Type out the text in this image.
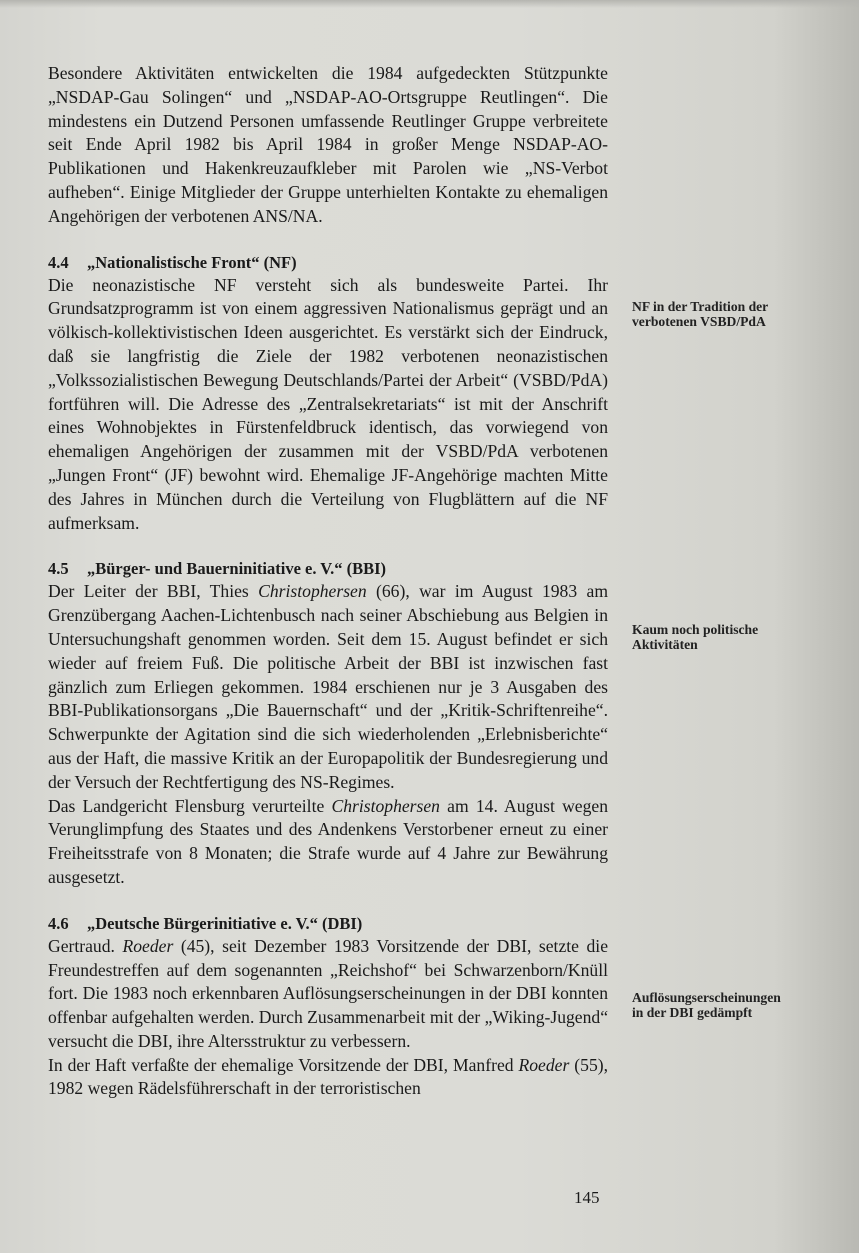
Besondere Aktivitäten entwickelten die 1984 aufgedeckten Stützpunkte „NSDAP-Gau Solingen“ und „NSDAP-AO-Ortsgruppe Reutlingen“. Die mindestens ein Dutzend Personen umfassende Reutlinger Gruppe verbreitete seit Ende April 1982 bis April 1984 in großer Menge NSDAP-AO-Publikationen und Hakenkreuzaufkleber mit Parolen wie „NS-Verbot aufheben“. Einige Mitglieder der Gruppe unterhielten Kontakte zu ehemaligen Angehörigen der verbotenen ANS/NA.

4.4 „Nationalistische Front“ (NF)

Die neonazistische NF versteht sich als bundesweite Partei. Ihr Grundsatzprogramm ist von einem aggressiven Nationalismus geprägt und an völkisch-kollektivistischen Ideen ausgerichtet. Es verstärkt sich der Eindruck, daß sie langfristig die Ziele der 1982 verbotenen neonazistischen „Volkssozialistischen Bewegung Deutschlands/Partei der Arbeit“ (VSBD/PdA) fortführen will. Die Adresse des „Zentralsekretariats“ ist mit der Anschrift eines Wohnobjektes in Fürstenfeldbruck identisch, das vorwiegend von ehemaligen Angehörigen der zusammen mit der VSBD/PdA verbotenen „Jungen Front“ (JF) bewohnt wird. Ehemalige JF-Angehörige machten Mitte des Jahres in München durch die Verteilung von Flugblättern auf die NF aufmerksam.

4.5 „Bürger- und Bauerninitiative e. V.“ (BBI)

Der Leiter der BBI, Thies Christophersen (66), war im August 1983 am Grenzübergang Aachen-Lichtenbusch nach seiner Abschiebung aus Belgien in Untersuchungshaft genommen worden. Seit dem 15. August befindet er sich wieder auf freiem Fuß. Die politische Arbeit der BBI ist inzwischen fast gänzlich zum Erliegen gekommen. 1984 erschienen nur je 3 Ausgaben des BBI-Publikationsorgans „Die Bauernschaft“ und der „Kritik-Schriftenreihe“. Schwerpunkte der Agitation sind die sich wiederholenden „Erlebnisberichte“ aus der Haft, die massive Kritik an der Europapolitik der Bundesregierung und der Versuch der Rechtfertigung des NS-Regimes.

Das Landgericht Flensburg verurteilte Christophersen am 14. August wegen Verunglimpfung des Staates und des Andenkens Verstorbener erneut zu einer Freiheitsstrafe von 8 Monaten; die Strafe wurde auf 4 Jahre zur Bewährung ausgesetzt.

4.6 „Deutsche Bürgerinitiative e. V.“ (DBI)

Gertraud. Roeder (45), seit Dezember 1983 Vorsitzende der DBI, setzte die Freundestreffen auf dem sogenannten „Reichshof“ bei Schwarzenborn/Knüll fort. Die 1983 noch erkennbaren Auflösungserscheinungen in der DBI konnten offenbar aufgehalten werden. Durch Zusammenarbeit mit der „Wiking-Jugend“ versucht die DBI, ihre Altersstruktur zu verbessern.

In der Haft verfaßte der ehemalige Vorsitzende der DBI, Manfred Roeder (55), 1982 wegen Rädelsführerschaft in der terroristischen

NF in der Tradition der verbotenen VSBD/PdA
Kaum noch politische Aktivitäten
Auflösungserscheinungen in der DBI gedämpft
145
